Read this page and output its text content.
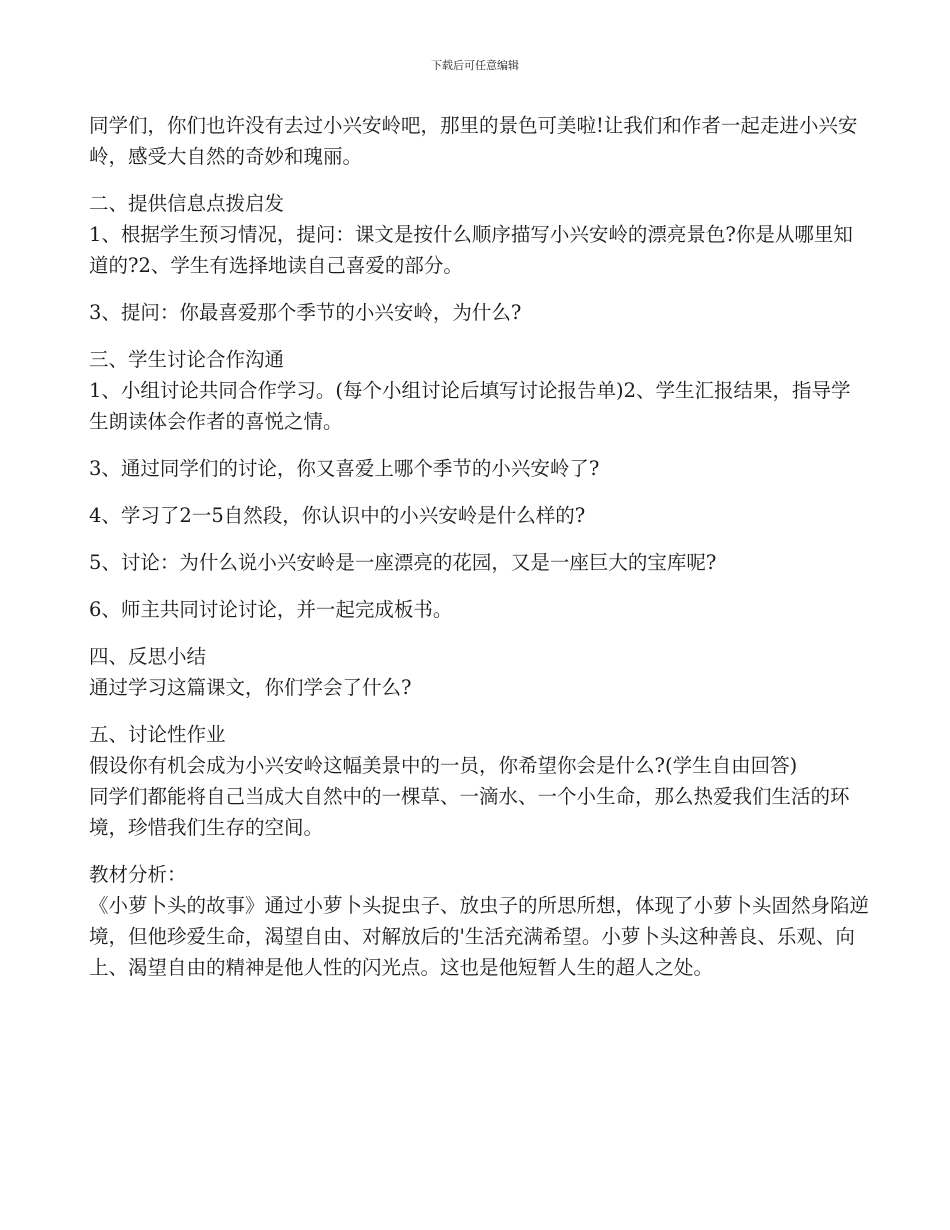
下载后可任意编辑

同学们，你们也许没有去过小兴安岭吧，那里的景色可美啦!让我们和作者一起走进小兴安岭，感受大自然的奇妙和瑰丽。

二、提供信息点拨启发

1、根据学生预习情况，提问：课文是按什么顺序描写小兴安岭的漂亮景色?你是从哪里知道的?2、学生有选择地读自己喜爱的部分。

3、提问：你最喜爱那个季节的小兴安岭，为什么?

三、学生讨论合作沟通

1、小组讨论共同合作学习。(每个小组讨论后填写讨论报告单)2、学生汇报结果，指导学生朗读体会作者的喜悦之情。

3、通过同学们的讨论，你又喜爱上哪个季节的小兴安岭了?

4、学习了2一5自然段，你认识中的小兴安岭是什么样的?

5、讨论：为什么说小兴安岭是一座漂亮的花园，又是一座巨大的宝库呢?

6、师主共同讨论讨论，并一起完成板书。

四、反思小结

通过学习这篇课文，你们学会了什么?

五、讨论性作业

假设你有机会成为小兴安岭这幅美景中的一员，你希望你会是什么?(学生自由回答)

同学们都能将自己当成大自然中的一棵草、一滴水、一个小生命，那么热爱我们生活的环境，珍惜我们生存的空间。

教材分析：

《小萝卜头的故事》通过小萝卜头捉虫子、放虫子的所思所想，体现了小萝卜头固然身陷逆境，但他珍爱生命，渴望自由、对解放后的'生活充满希望。小萝卜头这种善良、乐观、向上、渴望自由的精神是他人性的闪光点。这也是他短暂人生的超人之处。
